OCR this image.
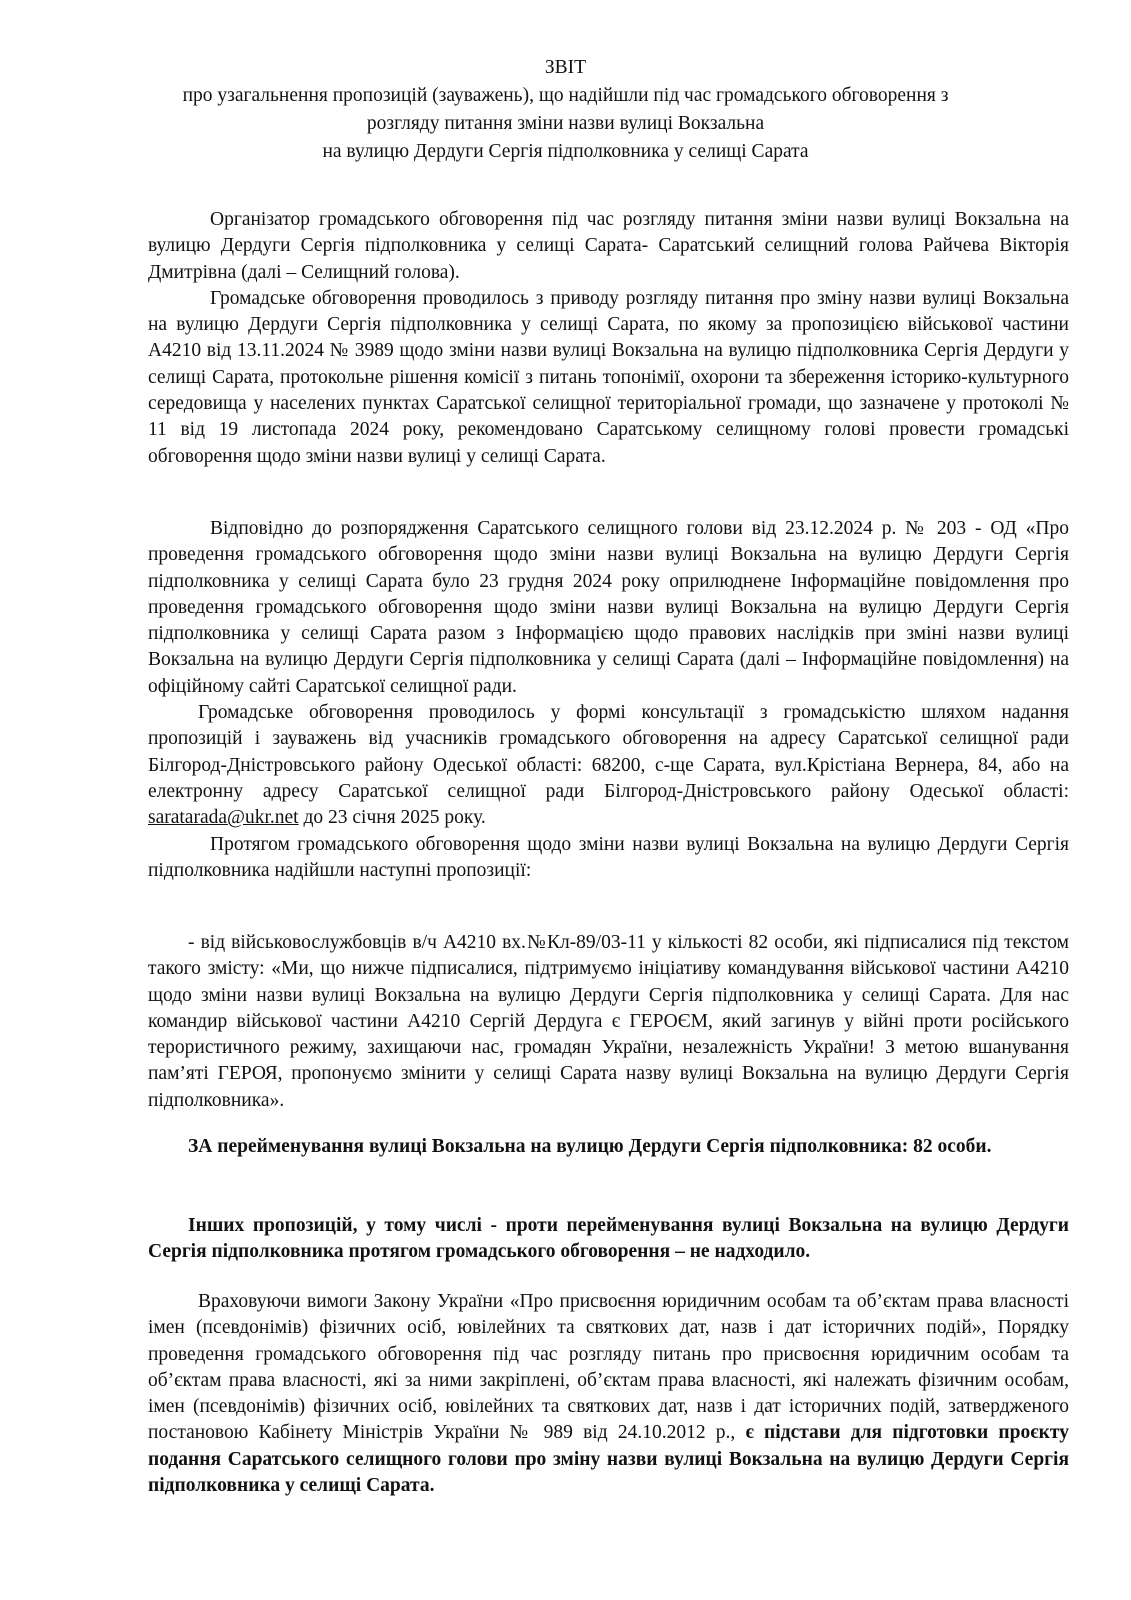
ЗВІТ
про узагальнення пропозицій (зауважень), що надійшли під час громадського обговорення з
розгляду питання зміни назви вулиці Вокзальна
на вулицю Дердуги Сергія підполковника у селищі Сарата

Організатор громадського обговорення під час розгляду питання зміни назви вулиці Вокзальна на вулицю Дердуги Сергія підполковника у селищі Сарата- Саратський селищний голова Райчева Вікторія Дмитрівна (далі – Селищний голова).

Громадське обговорення проводилось з приводу розгляду питання про зміну назви вулиці Вокзальна на вулицю Дердуги Сергія підполковника у селищі Сарата, по якому за пропозицією військової частини А4210 від 13.11.2024 № 3989 щодо зміни назви вулиці Вокзальна на вулицю підполковника Сергія Дердуги у селищі Сарата, протокольне рішення комісії з питань топонімії, охорони та збереження історико-культурного середовища у населених пунктах Саратської селищної територіальної громади, що зазначене у протоколі № 11 від 19 листопада 2024 року, рекомендовано Саратському селищному голові провести громадські обговорення щодо зміни назви вулиці у селищі Сарата.

Відповідно до розпорядження Саратського селищного голови від 23.12.2024 р. № 203 - ОД «Про проведення громадського обговорення щодо зміни назви вулиці Вокзальна на вулицю Дердуги Сергія підполковника у селищі Сарата було 23 грудня 2024 року оприлюднене Інформаційне повідомлення про проведення громадського обговорення щодо зміни назви вулиці Вокзальна на вулицю Дердуги Сергія підполковника у селищі Сарата разом з Інформацією щодо правових наслідків при зміні назви вулиці Вокзальна на вулицю Дердуги Сергія підполковника у селищі Сарата (далі – Інформаційне повідомлення) на офіційному сайті Саратської селищної ради.

Громадське обговорення проводилось у формі консультації з громадськістю шляхом надання пропозицій і зауважень від учасників громадського обговорення на адресу Саратської селищної ради Білгород-Дністровського району Одеської області: 68200, с-ще Сарата, вул.Крістіана Вернера, 84, або на електронну адресу Саратської селищної ради Білгород-Дністровського району Одеської області: saratarada@ukr.net до 23 січня 2025 року.

Протягом громадського обговорення щодо зміни назви вулиці Вокзальна на вулицю Дердуги Сергія підполковника надійшли наступні пропозиції:

- від військовослужбовців в/ч А4210 вх.№Кл-89/03-11 у кількості 82 особи, які підписалися під текстом такого змісту: «Ми, що нижче підписалися, підтримуємо ініціативу командування військової частини А4210 щодо зміни назви вулиці Вокзальна на вулицю Дердуги Сергія підполковника у селищі Сарата. Для нас командир військової частини А4210 Сергій Дердуга є ГЕРОЄМ, який загинув у війні проти російського терористичного режиму, захищаючи нас, громадян України, незалежність України! З метою вшанування пам’яті ГЕРОЯ, пропонуємо змінити у селищі Сарата назву вулиці Вокзальна на вулицю Дердуги Сергія підполковника».

ЗА перейменування вулиці Вокзальна на вулицю Дердуги Сергія підполковника: 82 особи.

Інших пропозицій, у тому числі - проти перейменування вулиці Вокзальна на вулицю Дердуги Сергія підполковника протягом громадського обговорення – не надходило.

Враховуючи вимоги Закону України «Про присвоєння юридичним особам та об’єктам права власності імен (псевдонімів) фізичних осіб, ювілейних та святкових дат, назв і дат історичних подій», Порядку проведення громадського обговорення під час розгляду питань про присвоєння юридичним особам та об’єктам права власності, які за ними закріплені, об’єктам права власності, які належать фізичним особам, імен (псевдонімів) фізичних осіб, ювілейних та святкових дат, назв і дат історичних подій, затвердженого постановою Кабінету Міністрів України № 989 від 24.10.2012 р., є підстави для підготовки проєкту подання Саратського селищного голови про зміну назви вулиці Вокзальна на вулицю Дердуги Сергія підполковника у селищі Сарата.
